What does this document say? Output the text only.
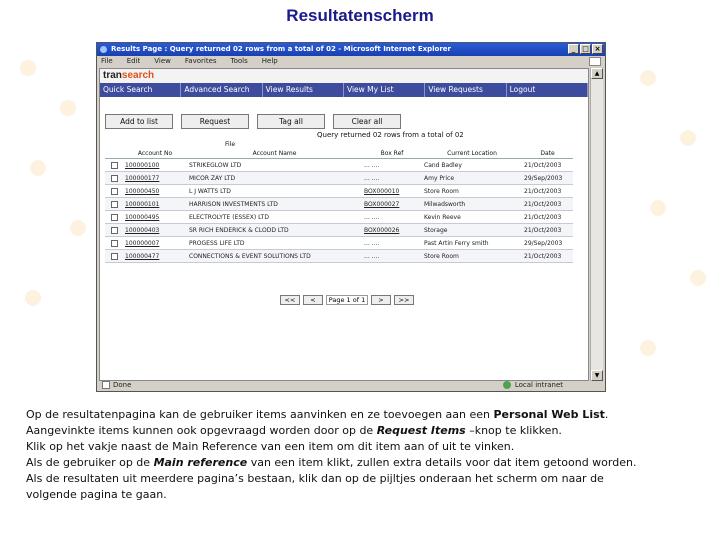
Resultatenscherm
Results Page : Query returned 02 rows from a total of 02 - Microsoft Internet Explorer	_ □ ×
File Edit View Favorites Tools Help
transearch
Quick Search	Advanced Search	View Results	View My List	View Requests	Logout
Add to list	Request	Tag all	Clear all
Query returned 02 rows from a total of 02
File
	Account No	Account Name	Box Ref	Current Location	Date
	100000100	STRIKEGLOW LTD	... ....	Cand Badley	21/Oct/2003
	100000177	MICOR ZAY LTD	... ....	Amy Price	29/Sep/2003
	100000450	L J WATTS LTD	BOX000010	Store Room	21/Oct/2003
	100000101	HARRISON INVESTMENTS LTD	BOX000027	Milwadsworth	21/Oct/2003
	100000495	ELECTROLYTE (ESSEX) LTD	... ....	Kevin Reeve	21/Oct/2003
	100000403	SR RICH ENDERICK & CLODD LTD	BOX000026	Storage	21/Oct/2003
	100000007	PROGESS LIFE LTD	... ....	Past Artin Ferry smith	29/Sep/2003
	100000477	CONNECTIONS & EVENT SOLUTIONS LTD	... ....	Store Room	21/Oct/2003
<<	<	Page 1 of 1	>	>>
▲
▼
Done	Local intranet

Op de resultatenpagina kan de gebruiker items aanvinken en ze toevoegen aan een Personal Web List.

Aangevinkte items kunnen ook opgevraagd worden door op de Request Items –knop te klikken.

Klik op het vakje naast de Main Reference van een item om dit item aan of uit te vinken.

Als de gebruiker op de Main reference van een item klikt, zullen extra details voor dat item getoond worden.

Als de resultaten uit meerdere pagina’s bestaan, klik dan op de pijltjes onderaan het scherm om naar de

volgende pagina te gaan.
